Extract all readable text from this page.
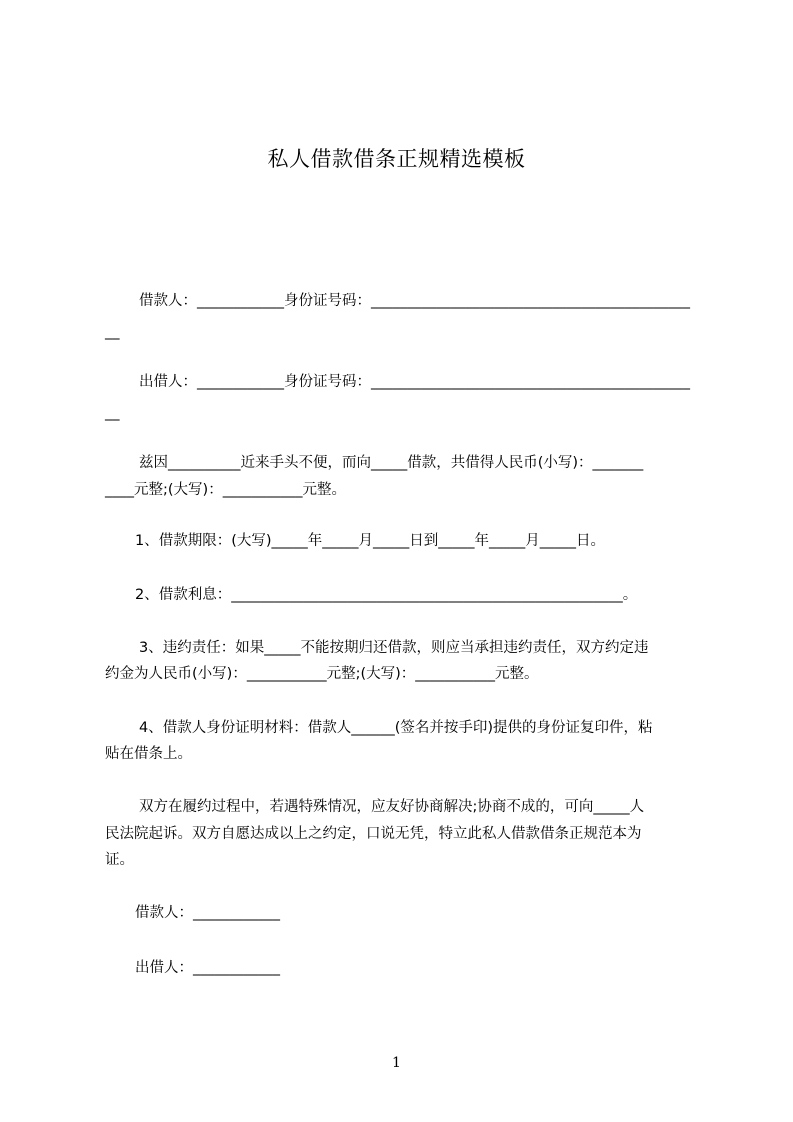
私人借款借条正规精选模板
借款人：____________身份证号码：____________________________________________
__
出借人：____________身份证号码：____________________________________________
__
兹因__________近来手头不便，而向_____借款，共借得人民币(小写)：_______
____元整;(大写)：___________元整。
1、借款期限：(大写)_____年_____月_____日到_____年_____月_____日。
2、借款利息：______________________________________________________。
3、违约责任：如果_____不能按期归还借款，则应当承担违约责任，双方约定违
约金为人民币(小写)：___________元整;(大写)：___________元整。
4、借款人身份证明材料：借款人______(签名并按手印)提供的身份证复印件，粘
贴在借条上。
双方在履约过程中，若遇特殊情况，应友好协商解决;协商不成的，可向_____人
民法院起诉。双方自愿达成以上之约定，口说无凭，特立此私人借款借条正规范本为
证。
借款人：____________
出借人：____________
1
